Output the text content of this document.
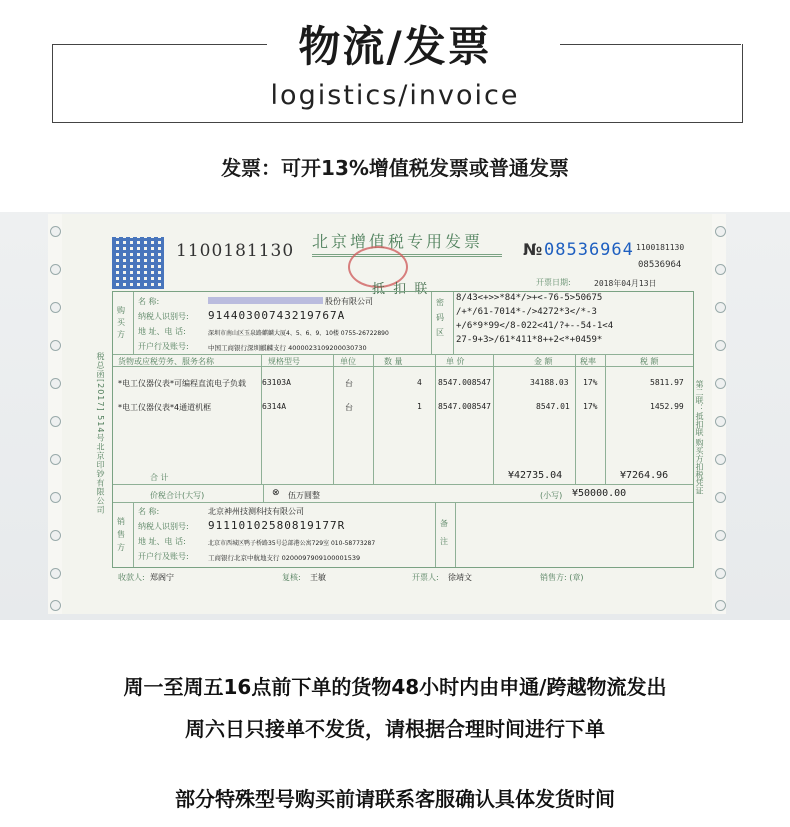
物流/发票
logistics/invoice
发票：可开13%增值税发票或普通发票
1100181130 北京增值税专用发票
抵 扣 联
№ 08536964 1100181130
08536964
开票日期:	2018年04月13日
税总函[2017] 514号北京印钞有限公司	第二联：抵扣联 购买方扣税凭证
购买方
名 称:	股份有限公司
纳税人识别号: 91440300743219767A
地 址、电 话:	深圳市南山区玉泉路麒麟大厦4、5、6、9、10楼 0755-26722890
开户行及账号:	中国工商银行深圳麒麟支行 4000023109200030730
密码区
8/43<+>>*84*/>+<-76-5>50675
/+*/61-7014*-/>4272*3</*-3
+/6*9*99</8-022<41/?+--54-1<4
27-9+3>/61*411*8++2<*+0459*
货物或应税劳务、服务名称	规格型号	单位	数 量	单 价	金 额	税率	税 额
*电工仪器仪表*可编程直流电子负载	63103A	台	4 8547.008547	34188.03 17%	5811.97
*电工仪器仪表*4通道机框	6314A	台	1 8547.008547	8547.01 17%	1452.99
合 计	¥42735.04	¥7264.96
价税合计(大写)	⊗ 伍万圆整	(小写) ¥50000.00
销售方
名 称:	北京神州技测科技有限公司
纳税人识别号: 91110102580819177R
地 址、电 话:	北京市西城区鸭子桥路35号总部港公寓729室 010-58773287
开户行及账号:	工商银行北京中航地支行 0200097909100001539
备注
收款人: 郑阁宁	复核: 王敏	开票人: 徐靖文	销售方: (章)
周一至周五16点前下单的货物48小时内由申通/跨越物流发出
周六日只接单不发货，请根据合理时间进行下单
部分特殊型号购买前请联系客服确认具体发货时间
